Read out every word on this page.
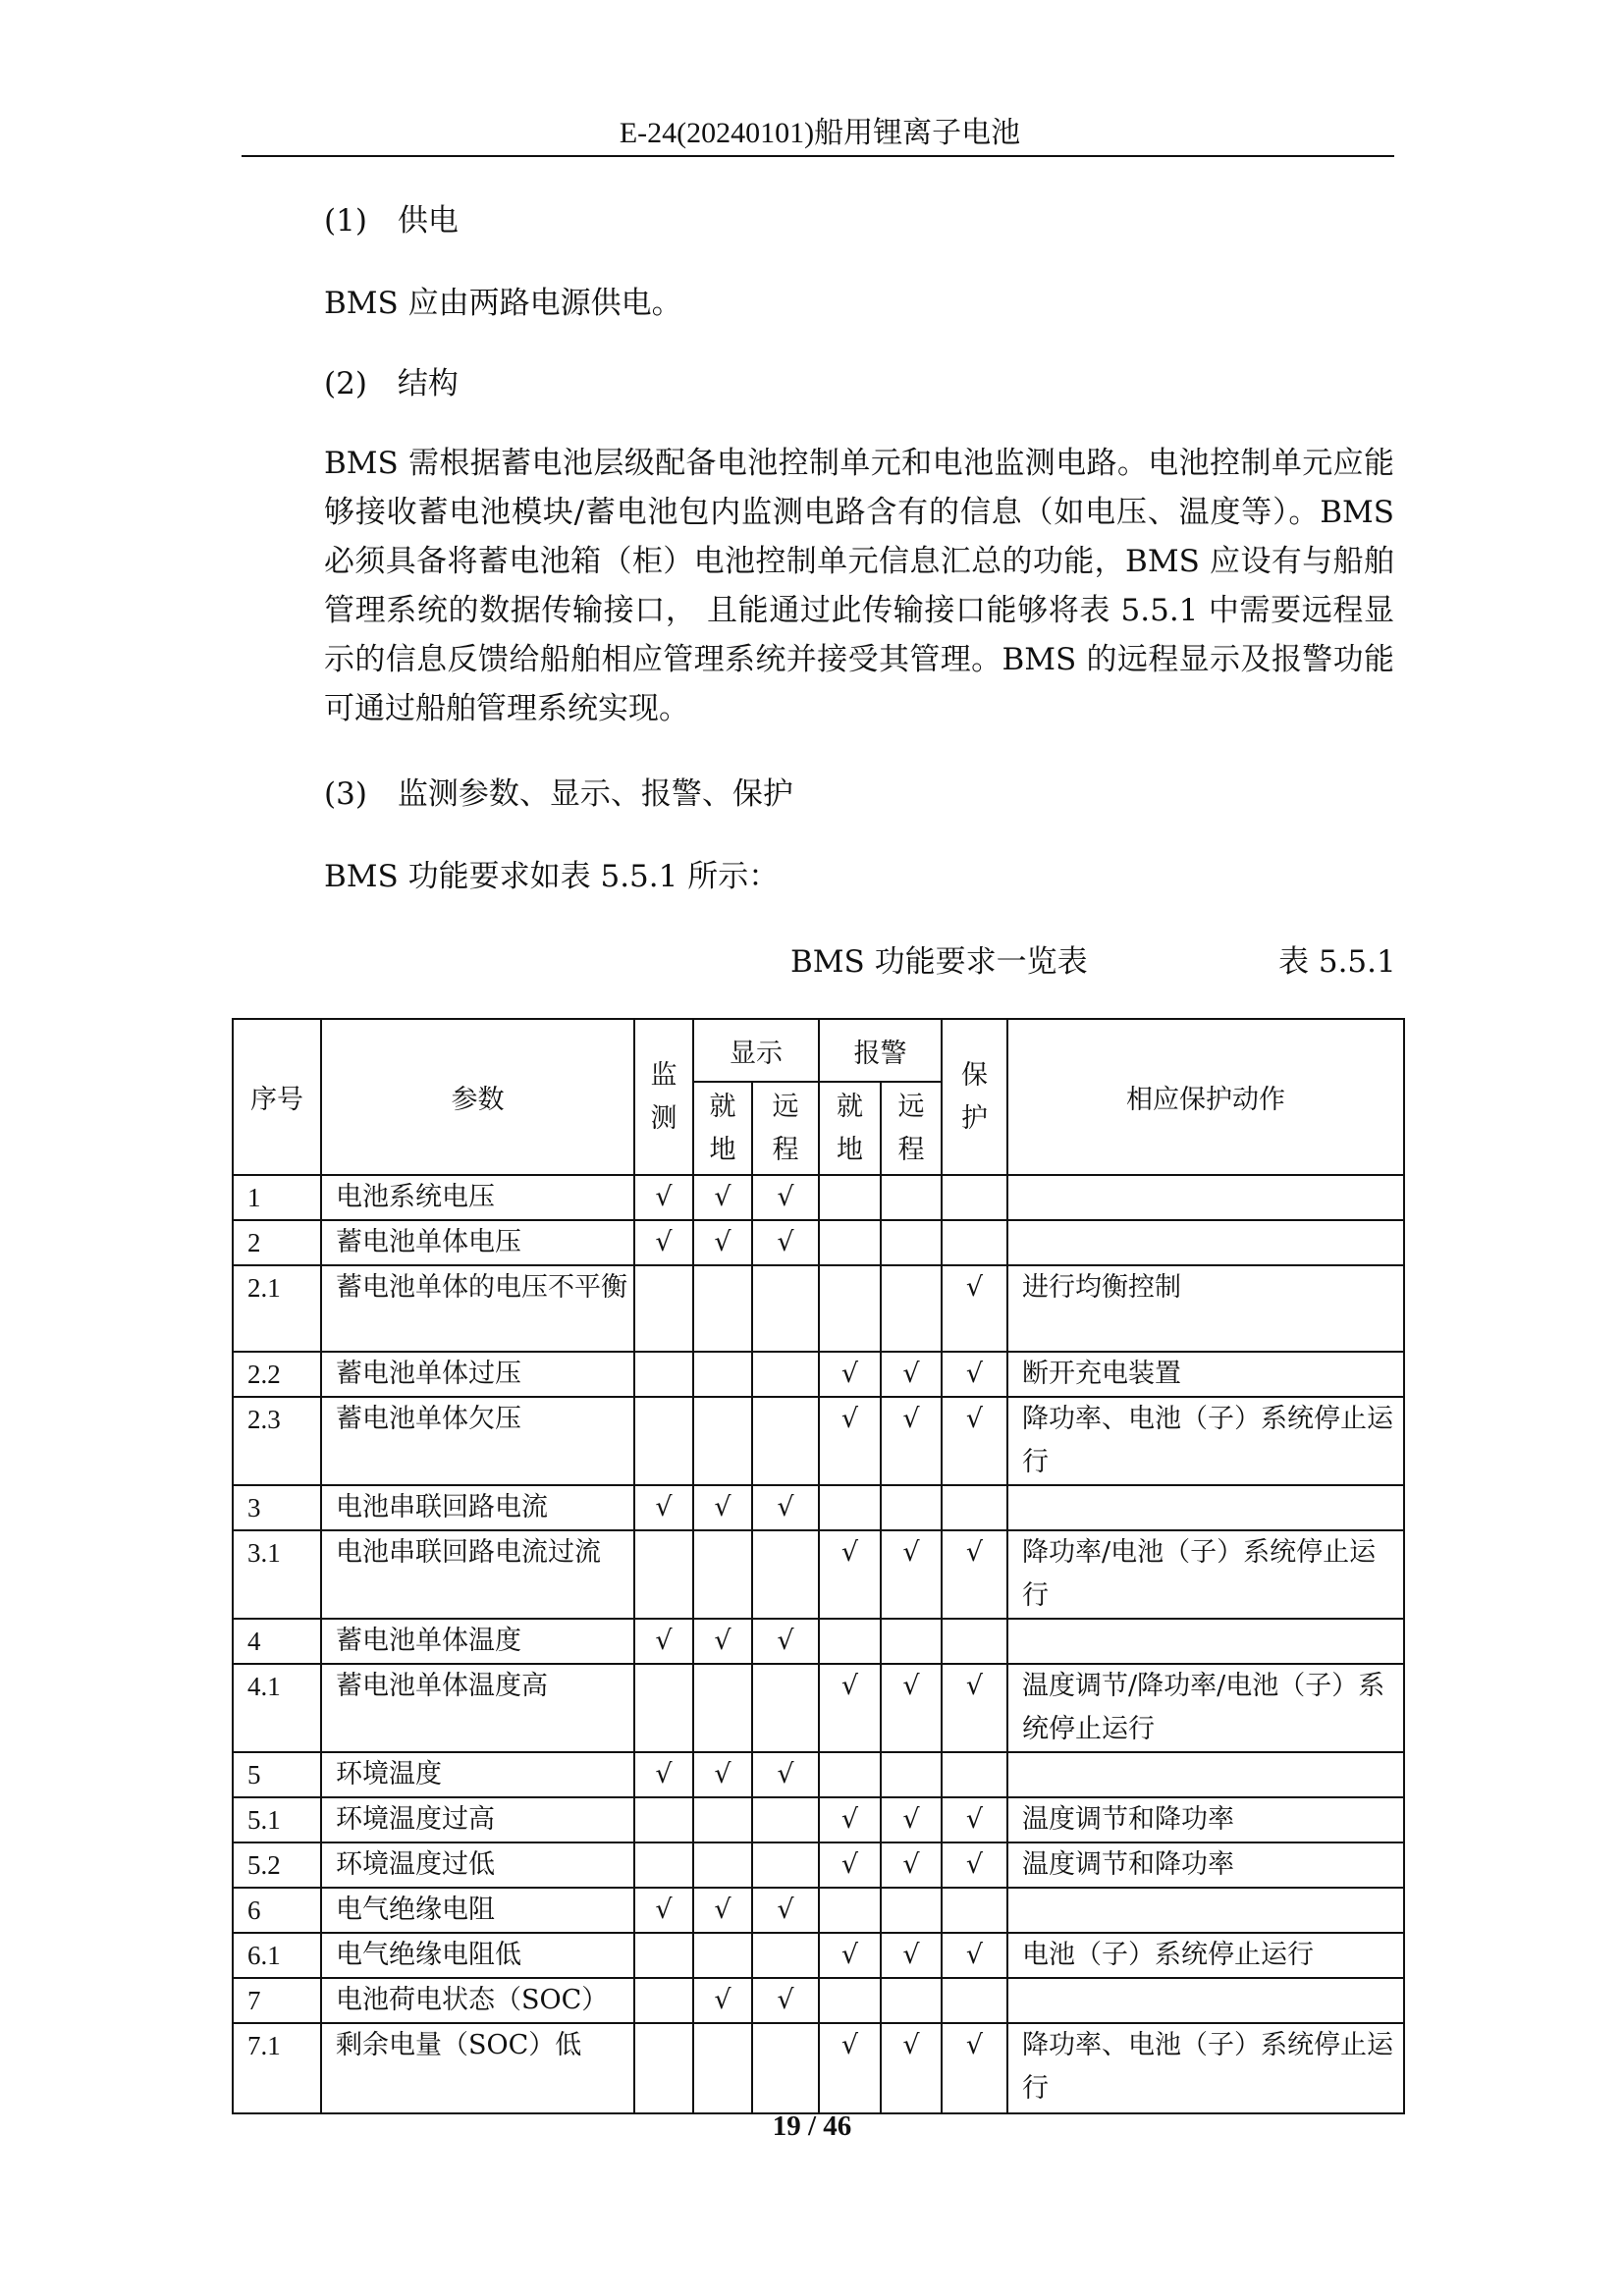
E-24(20240101)船用锂离子电池

(1)　供电

BMS 应由两路电源供电。

(2)　结构

BMS 需根据蓄电池层级配备电池控制单元和电池监测电路。电池控制单元应能够接收蓄电池模块/蓄电池包内监测电路含有的信息（如电压、温度等）。BMS 必须具备将蓄电池箱（柜）电池控制单元信息汇总的功能，BMS 应设有与船舶管理系统的数据传输接口， 且能通过此传输接口能够将表 5.5.1 中需要远程显示的信息反馈给船舶相应管理系统并接受其管理。BMS 的远程显示及报警功能可通过船舶管理系统实现。

(3)　监测参数、显示、报警、保护

BMS 功能要求如表 5.5.1 所示：

BMS 功能要求一览表	表 5.5.1
序号	参数	监测	显示		报警		保护	相应保护动作
			就地	远程	就地	远程		
1	电池系统电压	√	√	√				
2	蓄电池单体电压	√	√	√				
2.1	蓄电池单体的电压不平衡						√	进行均衡控制
2.2	蓄电池单体过压				√	√	√	断开充电装置
2.3	蓄电池单体欠压				√	√	√	降功率、电池（子）系统停止运行
3	电池串联回路电流	√	√	√				
3.1	电池串联回路电流过流				√	√	√	降功率/电池（子）系统停止运行
4	蓄电池单体温度	√	√	√				
4.1	蓄电池单体温度高				√	√	√	温度调节/降功率/电池（子）系统停止运行
5	环境温度	√	√	√				
5.1	环境温度过高				√	√	√	温度调节和降功率
5.2	环境温度过低				√	√	√	温度调节和降功率
6	电气绝缘电阻	√	√	√				
6.1	电气绝缘电阻低				√	√	√	电池（子）系统停止运行
7	电池荷电状态（SOC）		√	√				
7.1	剩余电量（SOC）低				√	√	√	降功率、电池（子）系统停止运行
19 / 46
